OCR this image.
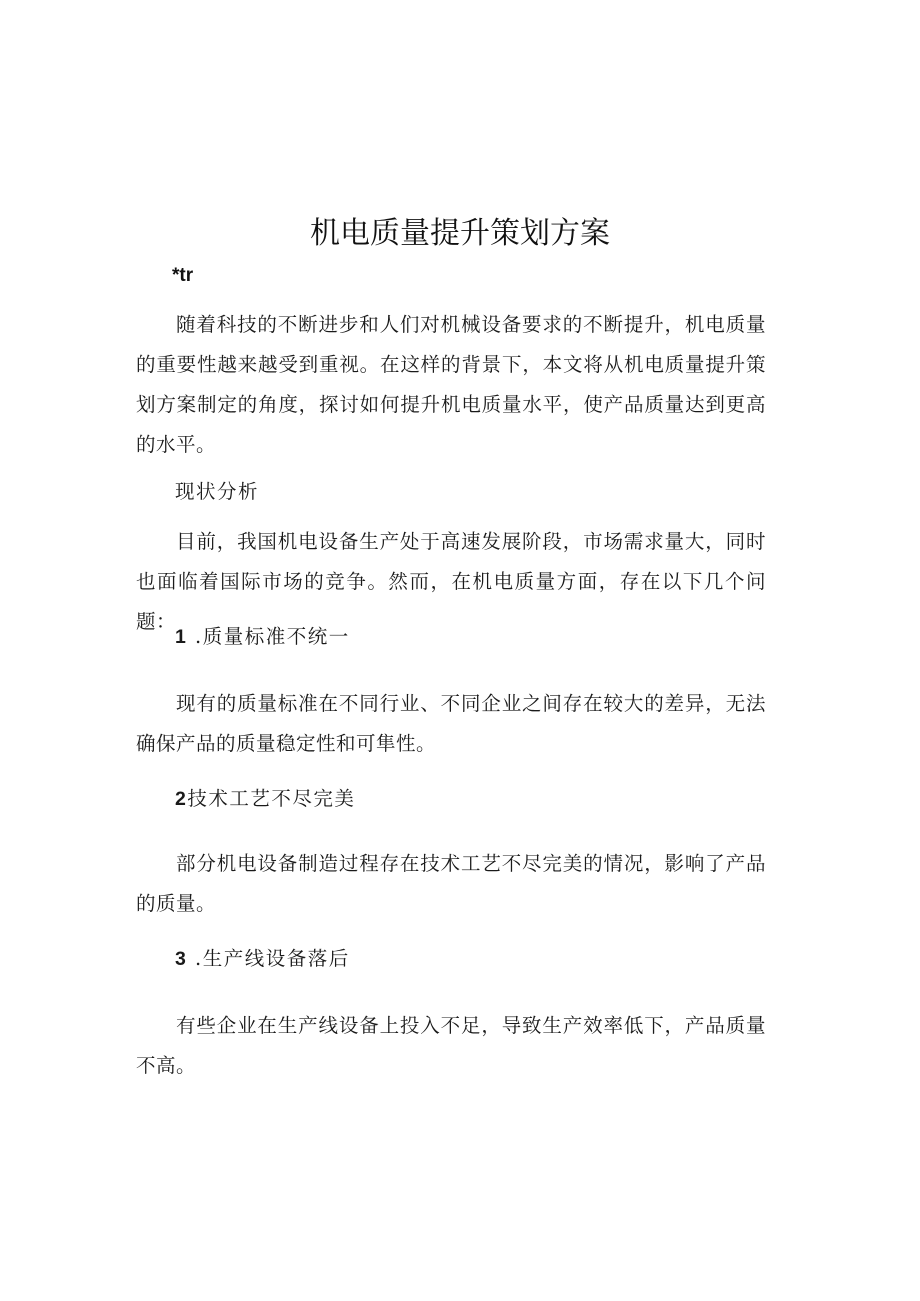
机电质量提升策划方案
*tr

随着科技的不断进步和人们对机械设备要求的不断提升，机电质量的重要性越来越受到重视。在这样的背景下，本文将从机电质量提升策划方案制定的角度，探讨如何提升机电质量水平，使产品质量达到更高的水平。

现状分析

目前，我国机电设备生产处于高速发展阶段，市场需求量大，同时也面临着国际市场的竞争。然而，在机电质量方面，存在以下几个问题：

1 .质量标准不统一

现有的质量标准在不同行业、不同企业之间存在较大的差异，无法确保产品的质量稳定性和可隼性。

2技术工艺不尽完美

部分机电设备制造过程存在技术工艺不尽完美的情况，影响了产品的质量。

3 .生产线设备落后

有些企业在生产线设备上投入不足，导致生产效率低下，产品质量不高。
